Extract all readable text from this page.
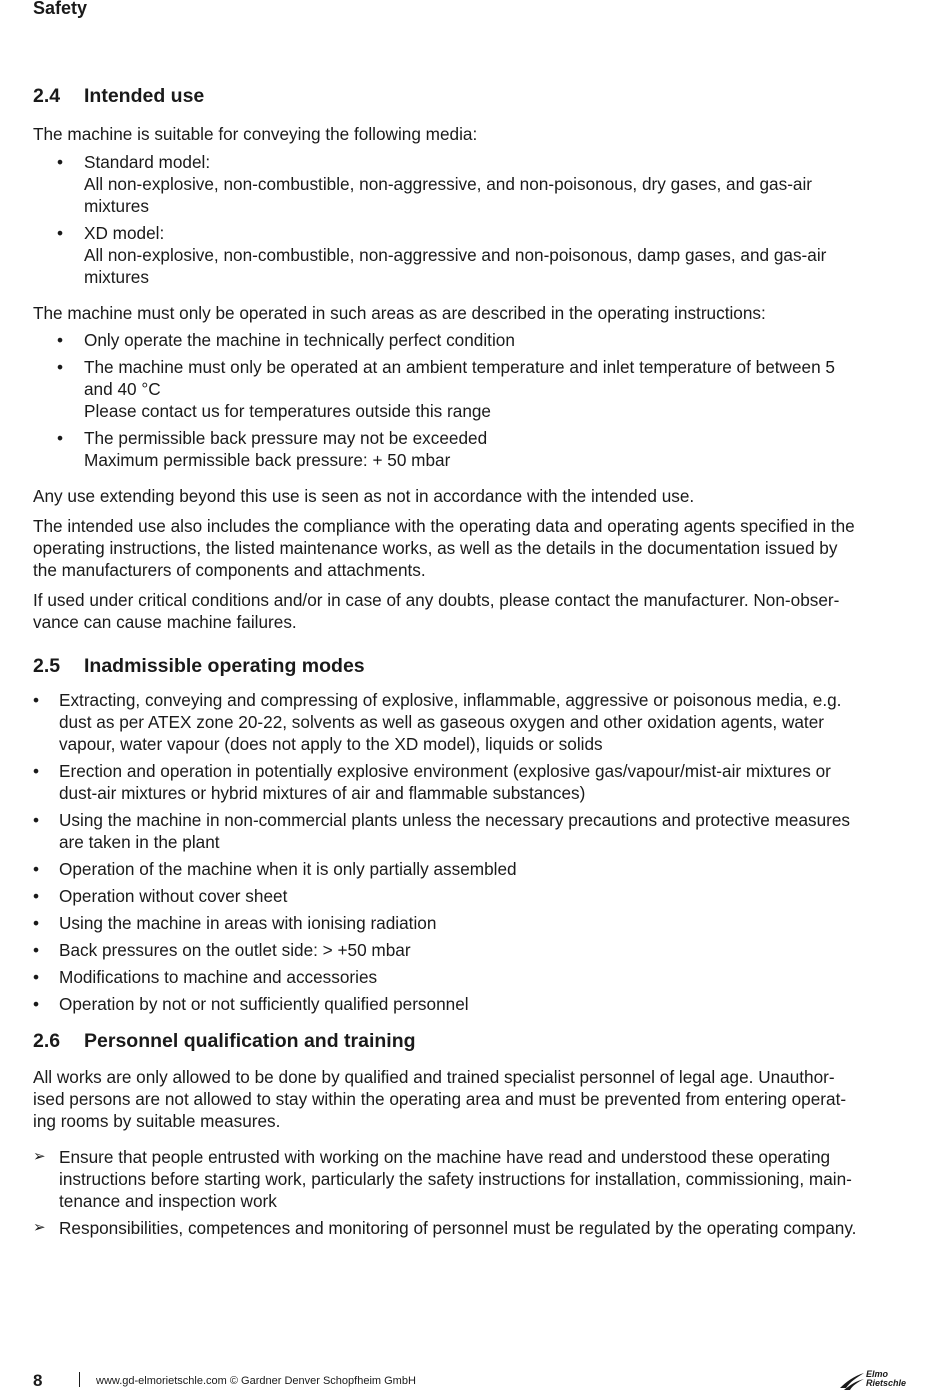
Safety
2.4 Intended use

The machine is suitable for conveying the following media:

• Standard model:
All non-explosive, non-combustible, non-aggressive, and non-poisonous, dry gases, and gas-air
mixtures
• XD model:
All non-explosive, non-combustible, non-aggressive and non-poisonous, damp gases, and gas-air
mixtures

The machine must only be operated in such areas as are described in the operating instructions:

• Only operate the machine in technically perfect condition
• The machine must only be operated at an ambient temperature and inlet temperature of between 5
and 40 °C
Please contact us for temperatures outside this range
• The permissible back pressure may not be exceeded
Maximum permissible back pressure: + 50 mbar

Any use extending beyond this use is seen as not in accordance with the intended use.

The intended use also includes the compliance with the operating data and operating agents specified in the
operating instructions, the listed maintenance works, as well as the details in the documentation issued by
the manufacturers of components and attachments.

If used under critical conditions and/or in case of any doubts, please contact the manufacturer. Non-obser-
vance can cause machine failures.

2.5 Inadmissible operating modes
• Extracting, conveying and compressing of explosive, inflammable, aggressive or poisonous media, e.g.
dust as per ATEX zone 20-22, solvents as well as gaseous oxygen and other oxidation agents, water
vapour, water vapour (does not apply to the XD model), liquids or solids
• Erection and operation in potentially explosive environment (explosive gas/vapour/mist-air mixtures or
dust-air mixtures or hybrid mixtures of air and flammable substances)
• Using the machine in non-commercial plants unless the necessary precautions and protective measures
are taken in the plant
• Operation of the machine when it is only partially assembled
• Operation without cover sheet
• Using the machine in areas with ionising radiation
• Back pressures on the outlet side: > +50 mbar
• Modifications to machine and accessories
• Operation by not or not sufficiently qualified personnel
2.6 Personnel qualification and training

All works are only allowed to be done by qualified and trained specialist personnel of legal age. Unauthor-
ised persons are not allowed to stay within the operating area and must be prevented from entering operat-
ing rooms by suitable measures.

➢ Ensure that people entrusted with working on the machine have read and understood these operating
instructions before starting work, particularly the safety instructions for installation, commissioning, main-
tenance and inspection work
➢ Responsibilities, competences and monitoring of personnel must be regulated by the operating company.
8	www.gd-elmorietschle.com © Gardner Denver Schopfheim GmbH
Elmo
Rietschle
